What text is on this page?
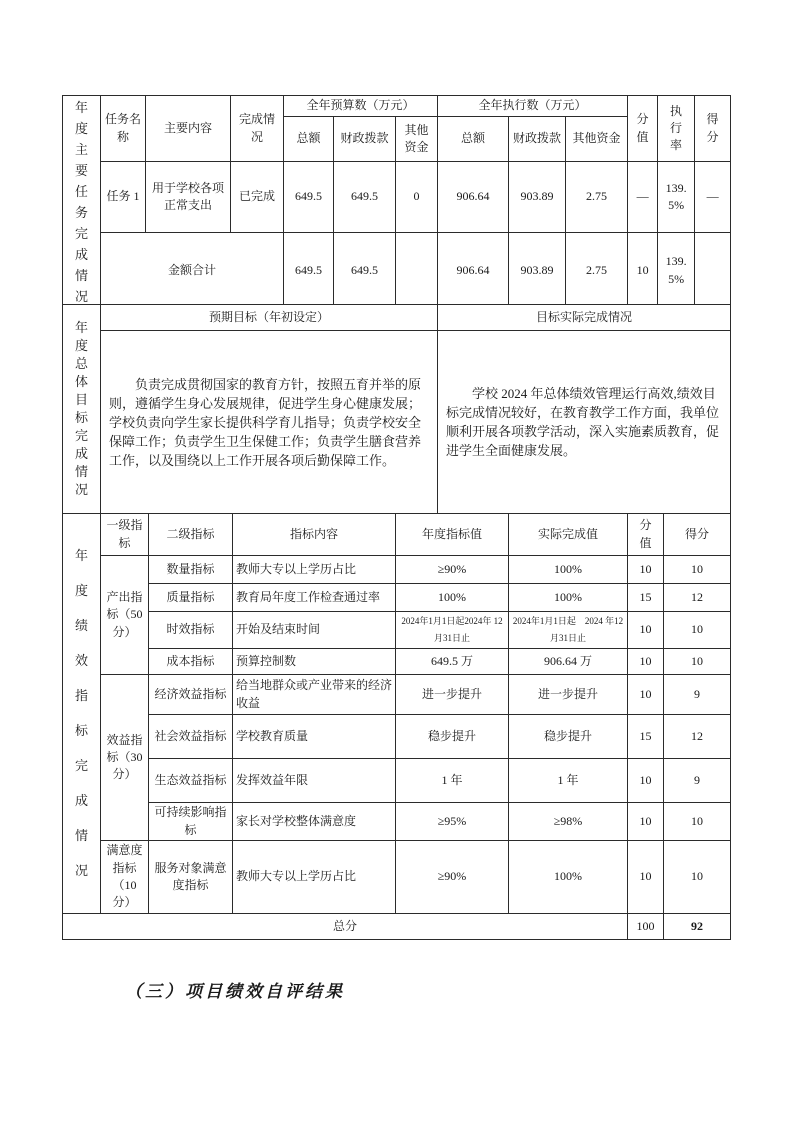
年度主要任务完成情况	任务名称	主要内容	完成情况	全年预算数（万元）			全年执行数（万元）			分值	执行率	得分
				总额	财政拨款	其他资金	总额	财政拨款	其他资金			
	任务 1	用于学校各项正常支出	已完成	649.5	649.5	0	906.64	903.89	2.75	—	139.5%	—
	金额合计			649.5	649.5		906.64	903.89	2.75	10	139.5%	
年度总体目标完成情况	预期目标（年初设定）	目标实际完成情况
	负责完成贯彻国家的教育方针，按照五育并举的原则，遵循学生身心发展规律，促进学生身心健康发展；学校负责向学生家长提供科学育儿指导；负责学校安全保障工作；负责学生卫生保健工作；负责学生膳食营养工作，以及围绕以上工作开展各项后勤保障工作。	学校 2024 年总体绩效管理运行高效,绩效目标完成情况较好，在教育教学工作方面，我单位顺利开展各项教学活动，深入实施素质教育，促进学生全面健康发展。
年度绩效指标完成情况	一级指标	二级指标	指标内容	年度指标值	实际完成值	分值	得分
	产出指标（50分）	数量指标	教师大专以上学历占比	≥90%	100%	10	10
		质量指标	教育局年度工作检查通过率	100%	100%	15	12
		时效指标	开始及结束时间	2024年1月1日起2024年 12月31日止	2024年1月1日起　2024 年12月31日止	10	10
		成本指标	预算控制数	649.5 万	906.64 万	10	10
	效益指标（30分）	经济效益指标	给当地群众或产业带来的经济收益	进一步提升	进一步提升	10	9
		社会效益指标	学校教育质量	稳步提升	稳步提升	15	12
		生态效益指标	发挥效益年限	1 年	1 年	10	9
		可持续影响指标	家长对学校整体满意度	≥95%	≥98%	10	10
	满意度指标（10分）	服务对象满意度指标	教师大专以上学历占比	≥90%	100%	10	10
总分						100	92
（三）项目绩效自评结果
